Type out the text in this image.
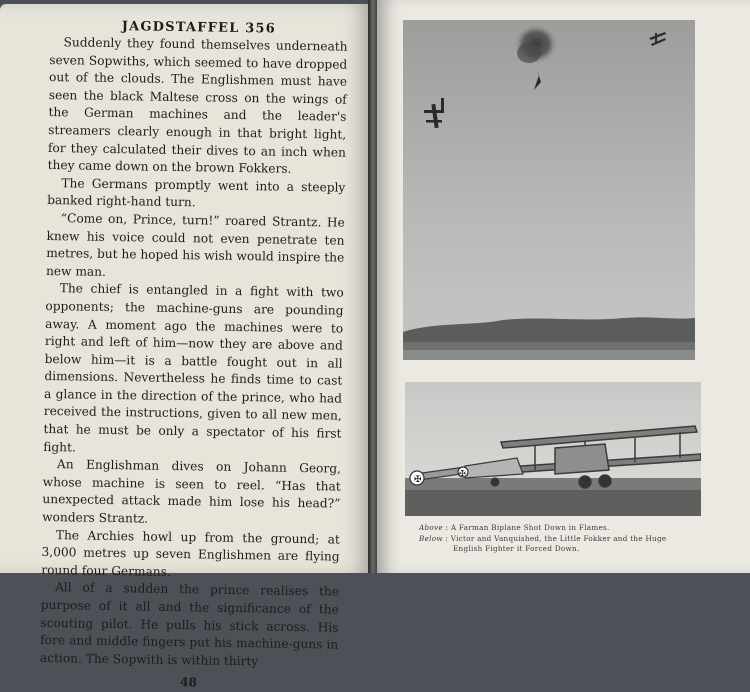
JAGDSTAFFEL 356

Suddenly they found themselves underneath seven Sopwiths, which seemed to have dropped out of the clouds. The Englishmen must have seen the black Maltese cross on the wings of the German machines and the leader's streamers clearly enough in that bright light, for they calculated their dives to an inch when they came down on the brown Fokkers.

The Germans promptly went into a steeply banked right-hand turn.

“Come on, Prince, turn!” roared Strantz. He knew his voice could not even penetrate ten metres, but he hoped his wish would inspire the new man.

The chief is entangled in a fight with two opponents; the machine-guns are pounding away. A moment ago the machines were to right and left of him—now they are above and below him—it is a battle fought out in all dimensions. Nevertheless he finds time to cast a glance in the direction of the prince, who had received the instructions, given to all new men, that he must be only a spectator of his first fight.

An Englishman dives on Johann Georg, whose machine is seen to reel. “Has that unexpected attack made him lose his head?” wonders Strantz.

The Archies howl up from the ground; at 3,000 metres up seven Englishmen are flying round four Germans.

All of a sudden the prince realises the purpose of it all and the significance of the scouting pilot. He pulls his stick across. His fore and middle fingers put his machine-guns in action. The Sopwith is within thirty

48
✠
✠
Above : A Farman Biplane Shot Down in Flames.
Below : Victor and Vanquished, the Little Fokker and the Huge
English Fighter it Forced Down.
